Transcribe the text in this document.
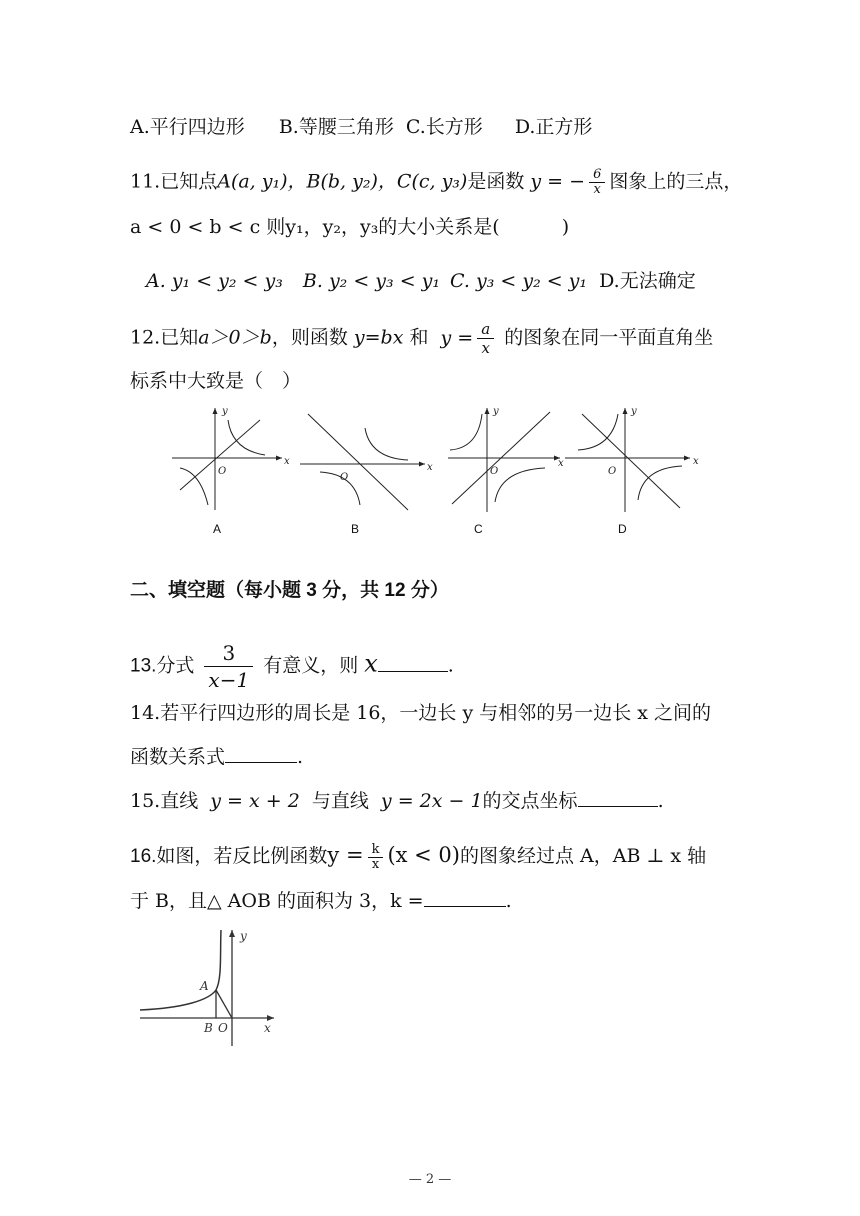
A.平行四边形 B.等腰三角形 C.长方形 D.正方形
11.已知点A(a, y₁)，B(b, y₂)，C(c, y₃)是函数 y = − $\frac{6}{x}$ 图象上的三点，
a < 0 < b < c 则y₁，y₂，y₃的大小关系是(	)
A. y₁ < y₂ < y₃ B. y₂ < y₃ < y₁ C. y₃ < y₂ < y₁ D.无法确定
12.已知a＞0＞b，则函数 y=bx 和 $y = \frac{a}{x}$ 的图象在同一平面直角坐
标系中大致是（　）
y
x
O	x
O
y
x
O
y
x
O
A	B	C	D
二、填空题（每小题 3 分，共 12 分）
13.分式 $\frac{3}{x-1}$ 有意义，则 x	.
14.若平行四边形的周长是 16，一边长 y 与相邻的另一边长 x 之间的
函数关系式	.
15.直线 y = x + 2 与直线 y = 2x − 1的交点坐标	.
16.如图，若反比例函数$y = \frac{k}{x} (x < 0)$的图象经过点 A，AB ⊥ x 轴
于 B，且△ AOB 的面积为 3，k =	.
A
B O	x
y
— 2 —
